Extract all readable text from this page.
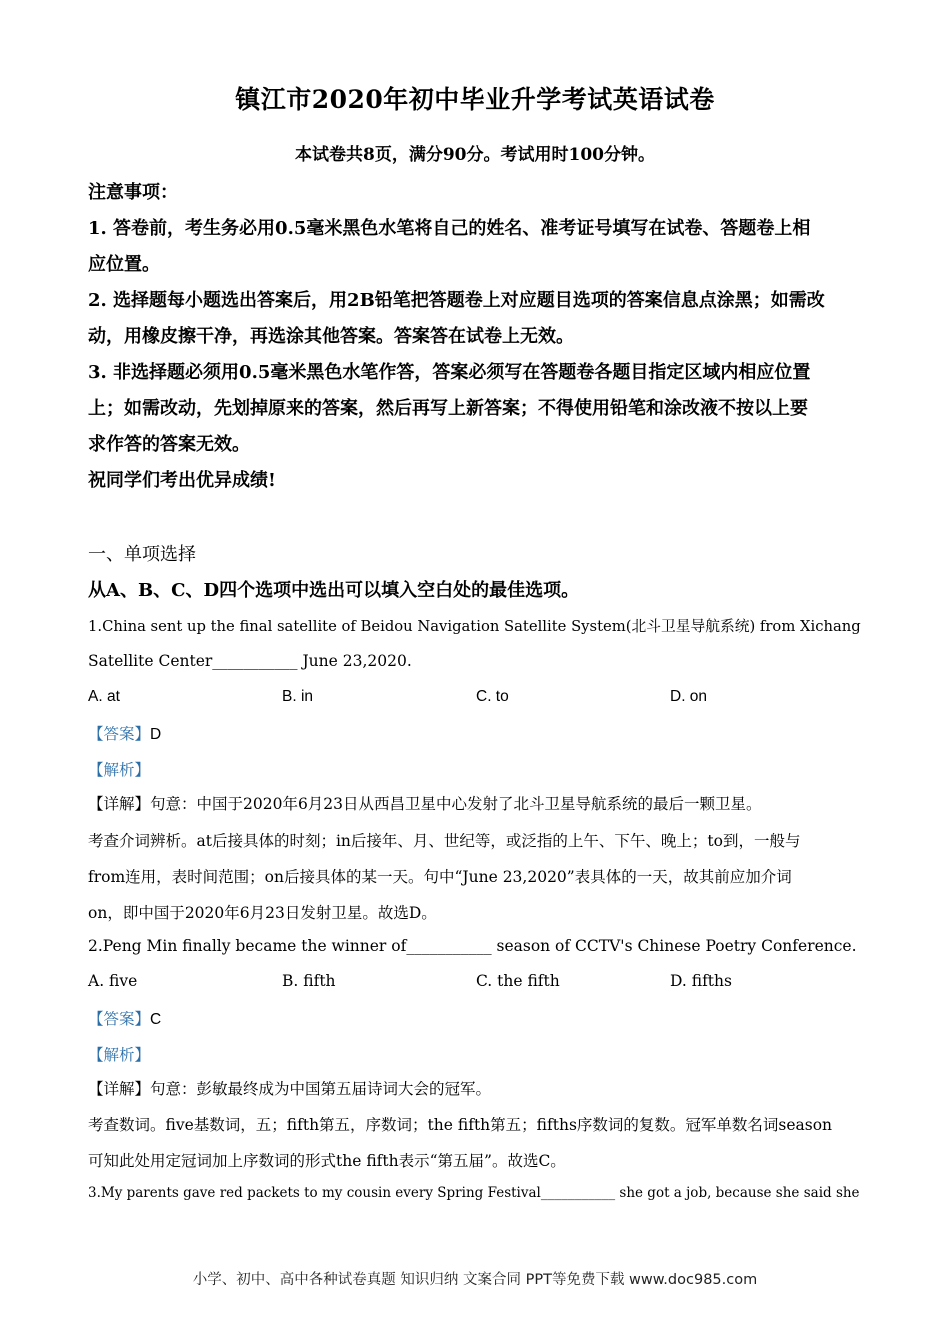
镇江市2020年初中毕业升学考试英语试卷
本试卷共8页，满分90分。考试用时100分钟。

注意事项：

1. 答卷前，考生务必用0.5毫米黑色水笔将自己的姓名、准考证号填写在试卷、答题卷上相

应位置。

2. 选择题每小题选出答案后，用2B铅笔把答题卷上对应题目选项的答案信息点涂黑；如需改

动，用橡皮擦干净，再选涂其他答案。答案答在试卷上无效。

3. 非选择题必须用0.5毫米黑色水笔作答，答案必须写在答题卷各题目指定区域内相应位置

上；如需改动，先划掉原来的答案，然后再写上新答案；不得使用铅笔和涂改液不按以上要

求作答的答案无效。

祝同学们考出优异成绩!

一、单项选择
从A、B、C、D四个选项中选出可以填入空白处的最佳选项。
1.China sent up the final satellite of Beidou Navigation Satellite System(北斗卫星导航系统) from Xichang
Satellite Center___________ June 23,2020.
A. at	B. in	C. to	D. on
【答案】D
【解析】
【详解】句意：中国于2020年6月23日从西昌卫星中心发射了北斗卫星导航系统的最后一颗卫星。
考查介词辨析。at后接具体的时刻；in后接年、月、世纪等，或泛指的上午、下午、晚上；to到，一般与
from连用，表时间范围；on后接具体的某一天。句中“June 23,2020”表具体的一天，故其前应加介词
on，即中国于2020年6月23日发射卫星。故选D。
2.Peng Min finally became the winner of___________ season of CCTV's Chinese Poetry Conference.
A. five	B. fifth	C. the fifth	D. fifths
【答案】C
【解析】
【详解】句意：彭敏最终成为中国第五届诗词大会的冠军。
考查数词。five基数词，五；fifth第五，序数词；the fifth第五；fifths序数词的复数。冠军单数名词season
可知此处用定冠词加上序数词的形式the fifth表示“第五届”。故选C。
3.My parents gave red packets to my cousin every Spring Festival___________ she got a job, because she said she
小学、初中、高中各种试卷真题 知识归纳 文案合同 PPT等免费下载 www.doc985.com
